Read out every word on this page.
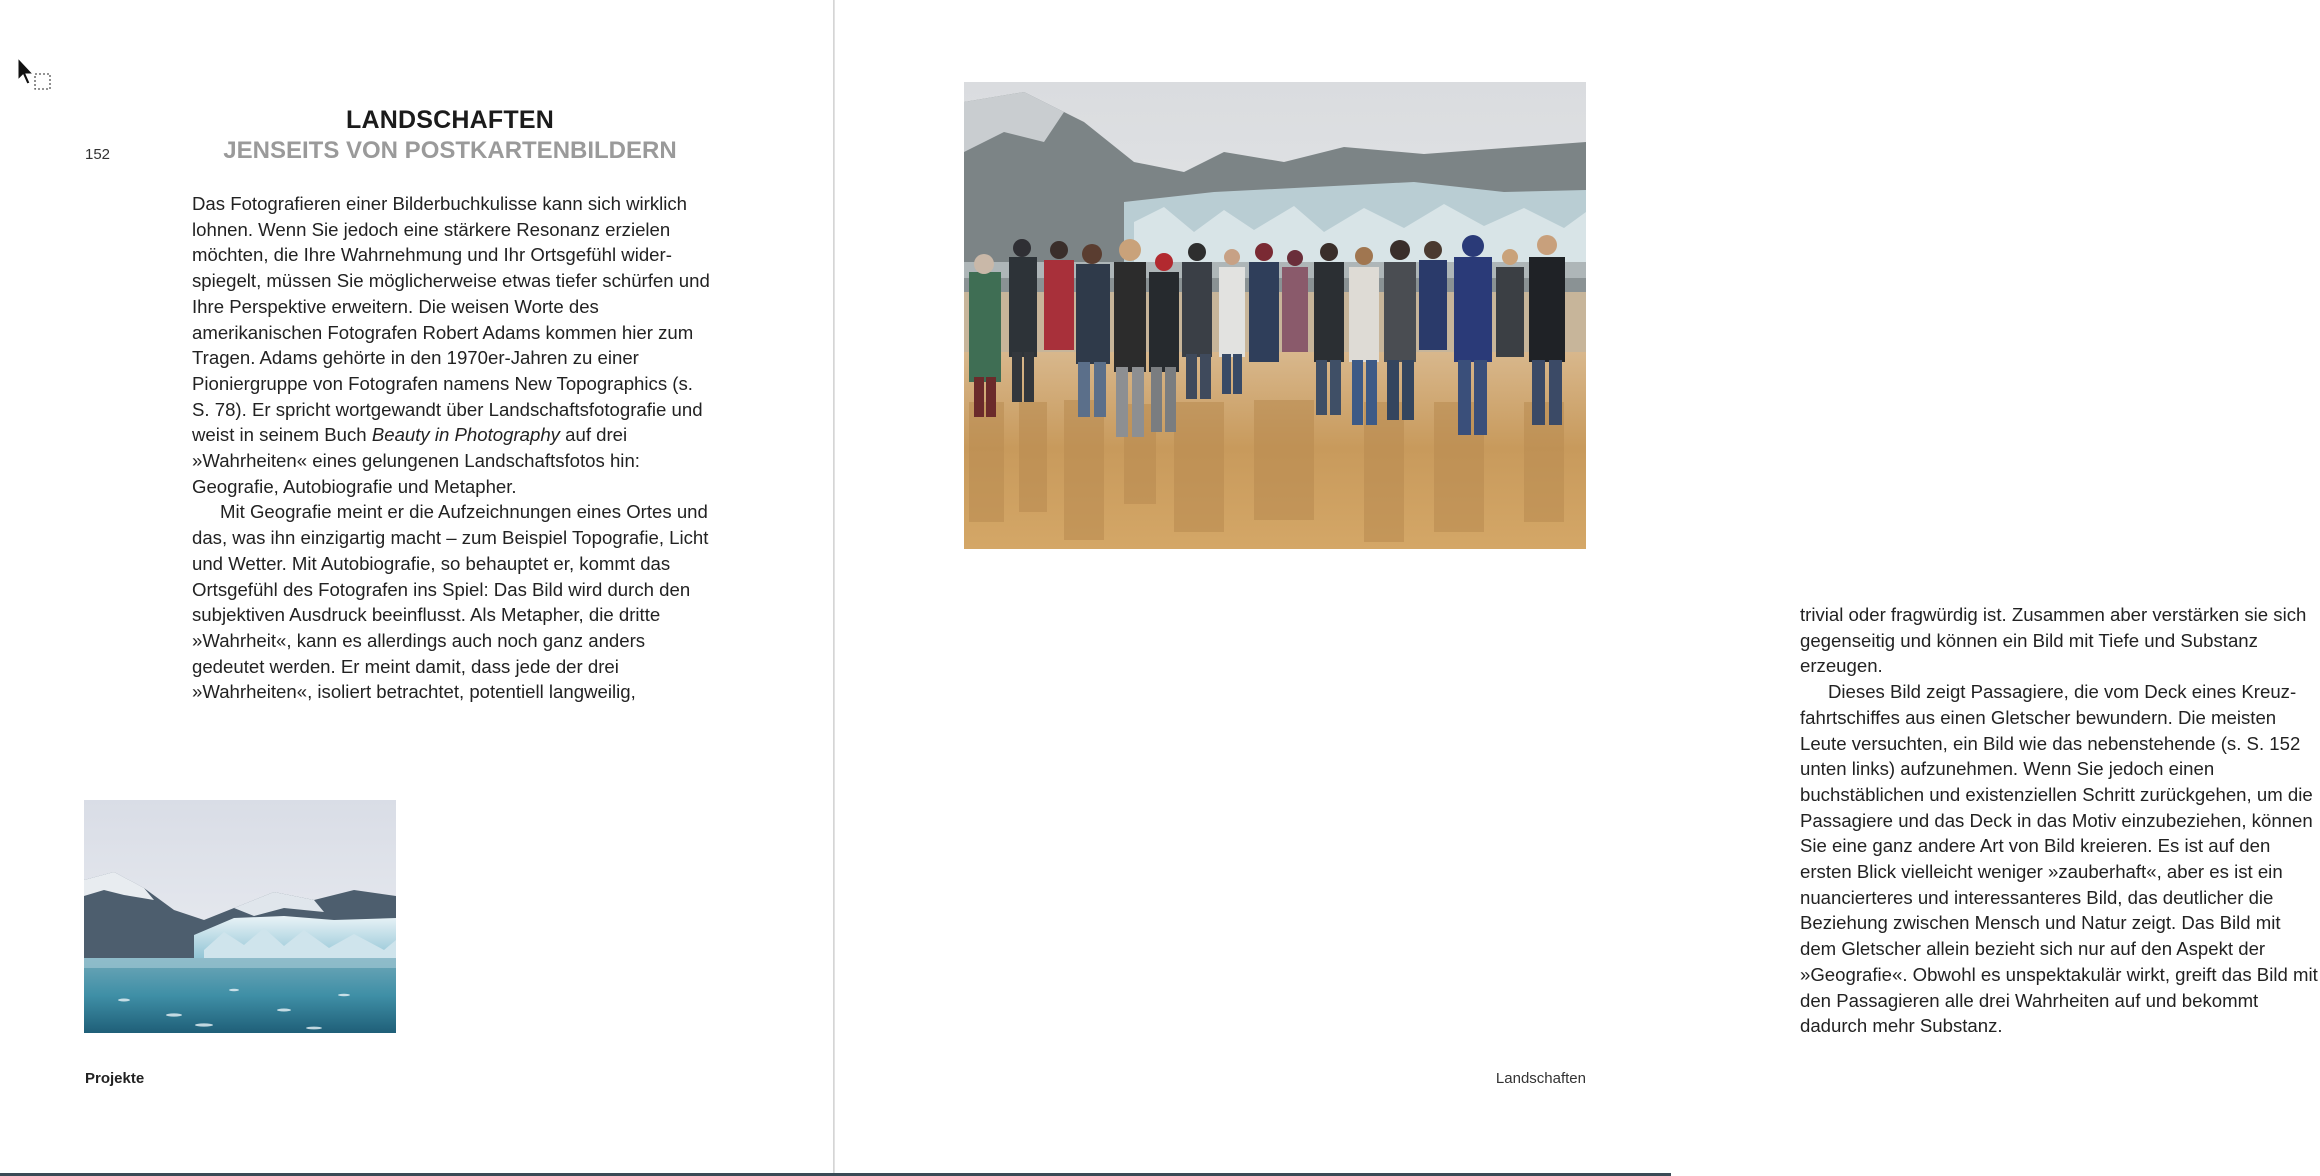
LANDSCHAFTEN
JENSEITS VON POSTKARTENBILDERN
152

Das Fotografieren einer Bilderbuchkulisse kann sich wirklich lohnen. Wenn Sie jedoch eine stärkere Resonanz erzielen möchten, die Ihre Wahrnehmung und Ihr Ortsgefühl widerspiegelt, müssen Sie möglicherweise etwas tiefer schürfen und Ihre Perspektive erweitern. Die weisen Worte des amerikanischen Fotografen Robert Adams kommen hier zum Tragen. Adams gehörte in den 1970er-Jahren zu einer Pioniergruppe von Fotografen namens New Topographics (s. S. 78). Er spricht wortgewandt über Landschaftsfotografie und weist in seinem Buch Beauty in Photography auf drei »Wahrheiten« eines gelungenen Landschaftsfotos hin: Geografie, Autobiografie und Metapher.

Mit Geografie meint er die Aufzeichnungen eines Ortes und das, was ihn einzigartig macht – zum Beispiel Topografie, Licht und Wetter. Mit Autobiografie, so behauptet er, kommt das Ortsgefühl des Fotografen ins Spiel: Das Bild wird durch den subjektiven Ausdruck beeinflusst. Als Metapher, die dritte »Wahrheit«, kann es allerdings auch noch ganz anders gedeutet werden. Er meint damit, dass jede der drei »Wahrheiten«, isoliert betrachtet, potentiell langweilig,

Projekte

trivial oder fragwürdig ist. Zusammen aber verstärken sie sich gegenseitig und können ein Bild mit Tiefe und Substanz erzeugen.

Dieses Bild zeigt Passagiere, die vom Deck eines Kreuzfahrtschiffes aus einen Gletscher bewundern. Die meisten Leute versuchten, ein Bild wie das nebenstehende (s. S. 152 unten links) aufzunehmen. Wenn Sie jedoch einen buchstäblichen und existenziellen Schritt zurückgehen, um die Passagiere und das Deck in das Motiv einzubeziehen, können Sie eine ganz andere Art von Bild kreieren. Es ist auf den ersten Blick vielleicht weniger »zauberhaft«, aber es ist ein nuancierteres und interessanteres Bild, das deutlicher die Beziehung zwischen Mensch und Natur zeigt. Das Bild mit dem Gletscher allein bezieht sich nur auf den Aspekt der »Geografie«. Obwohl es unspektakulär wirkt, greift das Bild mit den Passagieren alle drei Wahrheiten auf und bekommt dadurch mehr Substanz.

Landschaften
